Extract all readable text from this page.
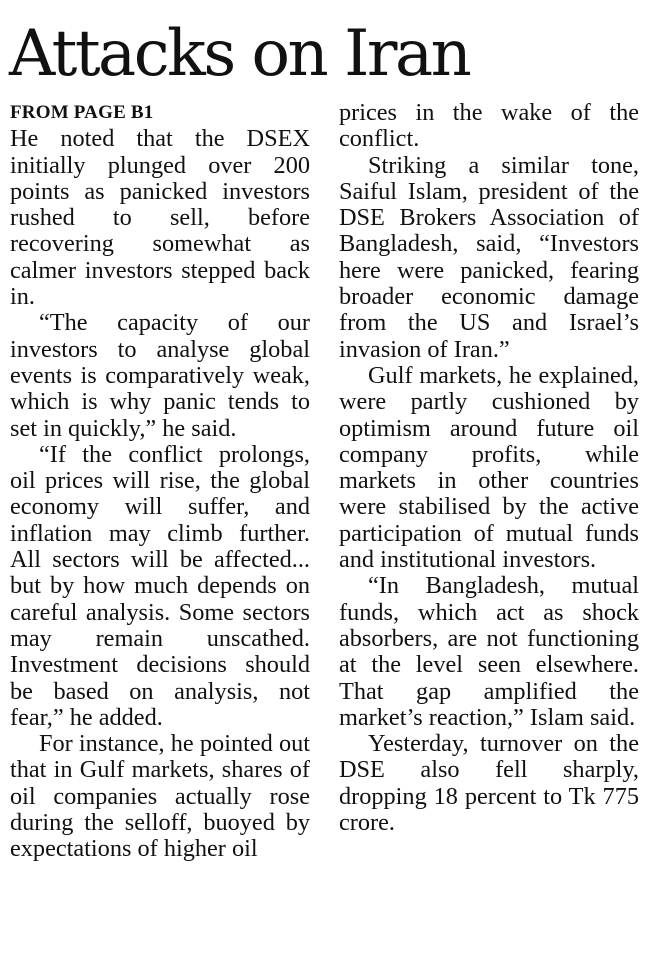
Attacks on Iran
FROM PAGE B1

He noted that the DSEX initially plunged over 200 points as panicked investors rushed to sell, before recovering somewhat as calmer investors stepped back in.

“The capacity of our investors to analyse global events is comparatively weak, which is why panic tends to set in quickly,” he said.

“If the conflict prolongs, oil prices will rise, the global economy will suffer, and inflation may climb further. All sectors will be affected... but by how much depends on careful analysis. Some sectors may remain unscathed. Investment decisions should be based on analysis, not fear,” he added.

For instance, he pointed out that in Gulf markets, shares of oil companies actually rose during the selloff, buoyed by expectations of higher oil

prices in the wake of the conflict.

Striking a similar tone, Saiful Islam, president of the DSE Brokers Association of Bangladesh, said, “Investors here were panicked, fearing broader economic damage from the US and Israel’s invasion of Iran.”

Gulf markets, he explained, were partly cushioned by optimism around future oil company profits, while markets in other countries were stabilised by the active participation of mutual funds and institutional investors.

“In Bangladesh, mutual funds, which act as shock absorbers, are not functioning at the level seen elsewhere. That gap amplified the market’s reaction,” Islam said.

Yesterday, turnover on the DSE also fell sharply, dropping 18 percent to Tk 775 crore.
